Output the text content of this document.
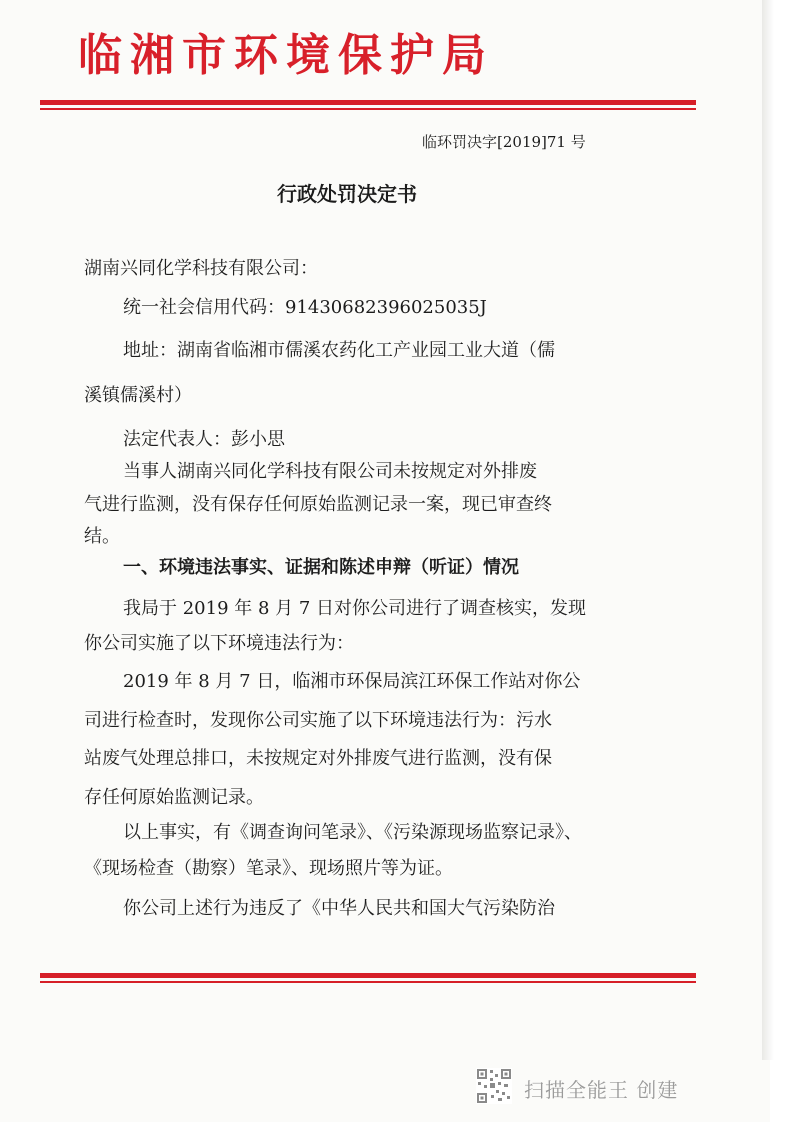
临湘市环境保护局
临环罚决字[2019]71 号
行政处罚决定书
湖南兴同化学科技有限公司：
统一社会信用代码：91430682396025035J
地址：湖南省临湘市儒溪农药化工产业园工业大道（儒
溪镇儒溪村）
法定代表人：彭小思
当事人湖南兴同化学科技有限公司未按规定对外排废
气进行监测，没有保存任何原始监测记录一案，现已审查终
结。
一、环境违法事实、证据和陈述申辩（听证）情况
我局于 2019 年 8 月 7 日对你公司进行了调查核实，发现
你公司实施了以下环境违法行为：
2019 年 8 月 7 日，临湘市环保局滨江环保工作站对你公
司进行检查时，发现你公司实施了以下环境违法行为：污水
站废气处理总排口，未按规定对外排废气进行监测，没有保
存任何原始监测记录。
以上事实，有《调查询问笔录》、《污染源现场监察记录》、
《现场检查（勘察）笔录》、现场照片等为证。
你公司上述行为违反了《中华人民共和国大气污染防治
扫描全能王 创建
